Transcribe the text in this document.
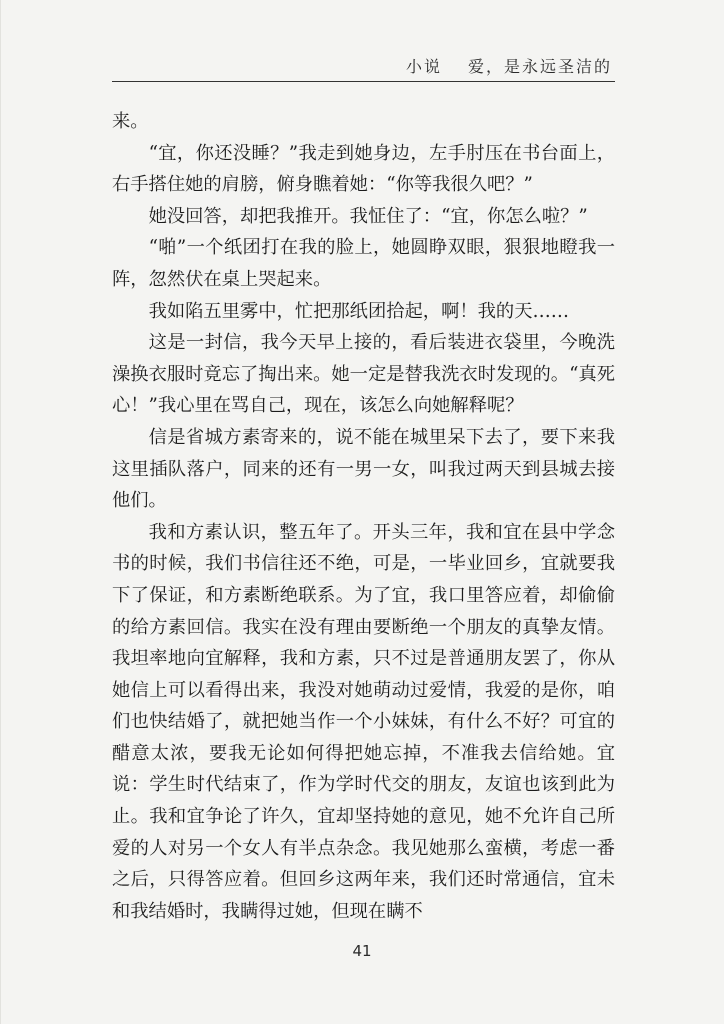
小说 爱，是永远圣洁的

来。

“宜，你还没睡？”我走到她身边，左手肘压在书台面上，右手搭住她的肩膀，俯身瞧着她：“你等我很久吧？”

她没回答，却把我推开。我怔住了：“宜，你怎么啦？”

“啪”一个纸团打在我的脸上，她圆睁双眼，狠狠地瞪我一阵，忽然伏在桌上哭起来。

我如陷五里雾中，忙把那纸团拾起，啊！我的天……

这是一封信，我今天早上接的，看后装进衣袋里，今晚洗澡换衣服时竟忘了掏出来。她一定是替我洗衣时发现的。“真死心！”我心里在骂自己，现在，该怎么向她解释呢？

信是省城方素寄来的，说不能在城里呆下去了，要下来我这里插队落户，同来的还有一男一女，叫我过两天到县城去接他们。

我和方素认识，整五年了。开头三年，我和宜在县中学念书的时候，我们书信往还不绝，可是，一毕业回乡，宜就要我下了保证，和方素断绝联系。为了宜，我口里答应着，却偷偷的给方素回信。我实在没有理由要断绝一个朋友的真挚友情。我坦率地向宜解释，我和方素，只不过是普通朋友罢了，你从她信上可以看得出来，我没对她萌动过爱情，我爱的是你，咱们也快结婚了，就把她当作一个小妹妹，有什么不好？可宜的醋意太浓，要我无论如何得把她忘掉，不准我去信给她。宜说：学生时代结束了，作为学时代交的朋友，友谊也该到此为止。我和宜争论了许久，宜却坚持她的意见，她不允许自己所爱的人对另一个女人有半点杂念。我见她那么蛮横，考虑一番之后，只得答应着。但回乡这两年来，我们还时常通信，宜未和我结婚时，我瞒得过她，但现在瞒不

41
